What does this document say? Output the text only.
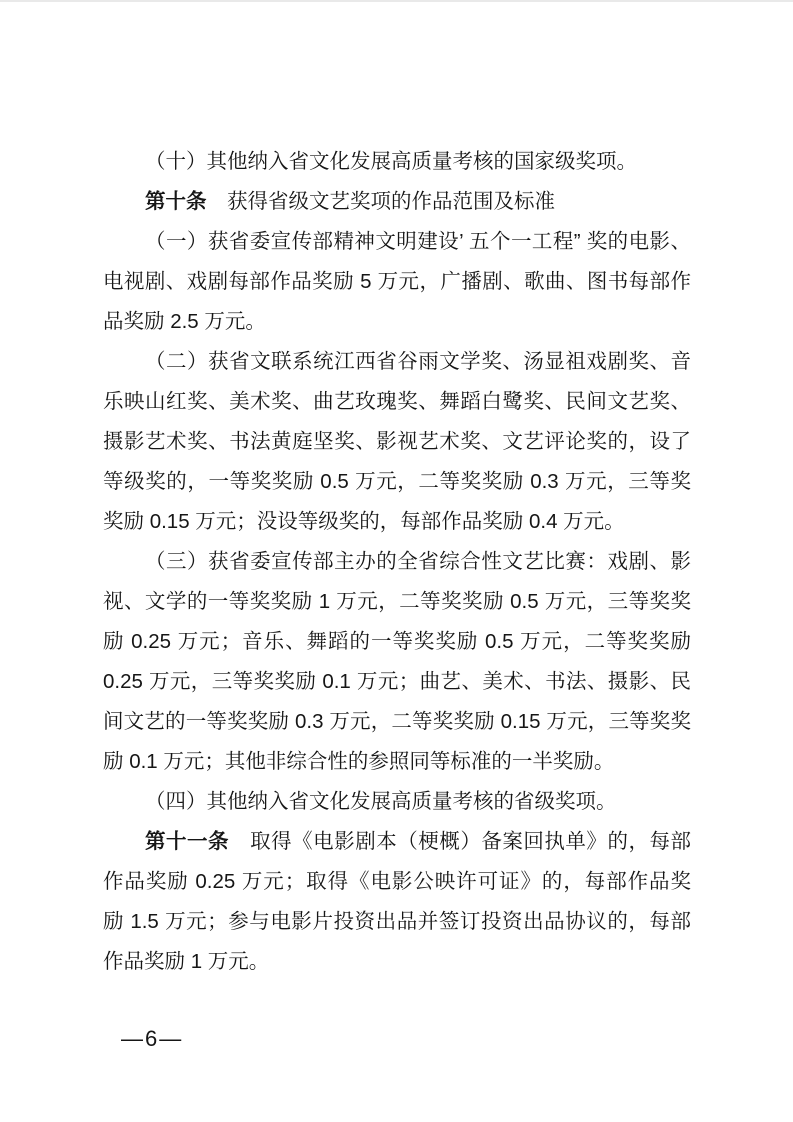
（十）其他纳入省文化发展高质量考核的国家级奖项。
第十条　获得省级文艺奖项的作品范围及标准
（一）获省委宣传部精神文明建设’ 五个一工程” 奖的电影、
电视剧、戏剧每部作品奖励 5 万元，广播剧、歌曲、图书每部作
品奖励 2.5 万元。
（二）获省文联系统江西省谷雨文学奖、汤显祖戏剧奖、音
乐映山红奖、美术奖、曲艺玫瑰奖、舞蹈白鹭奖、民间文艺奖、
摄影艺术奖、书法黄庭坚奖、影视艺术奖、文艺评论奖的，设了
等级奖的，一等奖奖励 0.5 万元，二等奖奖励 0.3 万元，三等奖
奖励 0.15 万元；没设等级奖的，每部作品奖励 0.4 万元。
（三）获省委宣传部主办的全省综合性文艺比赛：戏剧、影
视、文学的一等奖奖励 1 万元，二等奖奖励 0.5 万元，三等奖奖
励 0.25 万元；音乐、舞蹈的一等奖奖励 0.5 万元，二等奖奖励
0.25 万元，三等奖奖励 0.1 万元；曲艺、美术、书法、摄影、民
间文艺的一等奖奖励 0.3 万元，二等奖奖励 0.15 万元，三等奖奖
励 0.1 万元；其他非综合性的参照同等标准的一半奖励。
（四）其他纳入省文化发展高质量考核的省级奖项。
第十一条　取得《电影剧本（梗概）备案回执单》的，每部
作品奖励 0.25 万元；取得《电影公映许可证》的，每部作品奖
励 1.5 万元；参与电影片投资出品并签订投资出品协议的，每部
作品奖励 1 万元。
—6—
